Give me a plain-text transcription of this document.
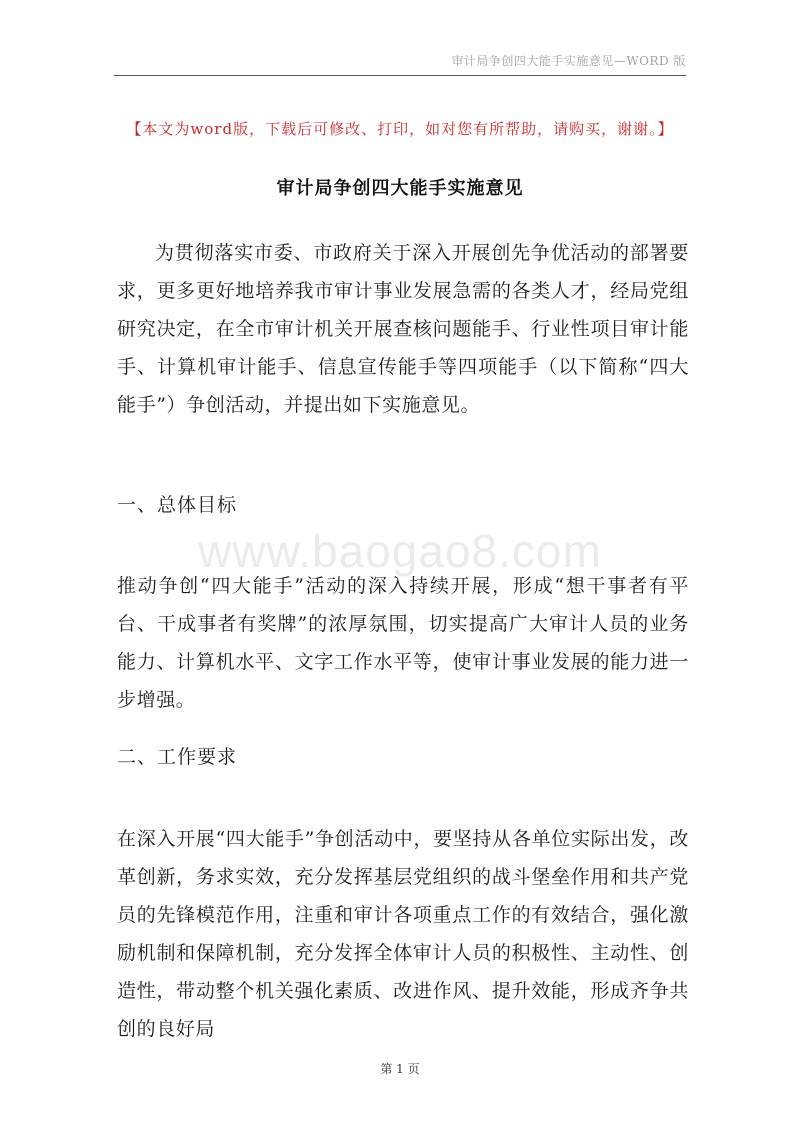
审计局争创四大能手实施意见—WORD 版
【本文为word版，下载后可修改、打印，如对您有所帮助，请购买，谢谢。】
审计局争创四大能手实施意见
为贯彻落实市委、市政府关于深入开展创先争优活动的部署要求，更多更好地培养我市审计事业发展急需的各类人才，经局党组研究决定，在全市审计机关开展查核问题能手、行业性项目审计能手、计算机审计能手、信息宣传能手等四项能手（以下简称“四大能手”）争创活动，并提出如下实施意见。
一、总体目标
www.baogao8.com
推动争创“四大能手”活动的深入持续开展，形成“想干事者有平台、干成事者有奖牌”的浓厚氛围，切实提高广大审计人员的业务能力、计算机水平、文字工作水平等，使审计事业发展的能力进一步增强。
二、工作要求
在深入开展“四大能手”争创活动中，要坚持从各单位实际出发，改革创新，务求实效，充分发挥基层党组织的战斗堡垒作用和共产党员的先锋模范作用，注重和审计各项重点工作的有效结合，强化激励机制和保障机制，充分发挥全体审计人员的积极性、主动性、创造性，带动整个机关强化素质、改进作风、提升效能，形成齐争共创的良好局
第 1 页
